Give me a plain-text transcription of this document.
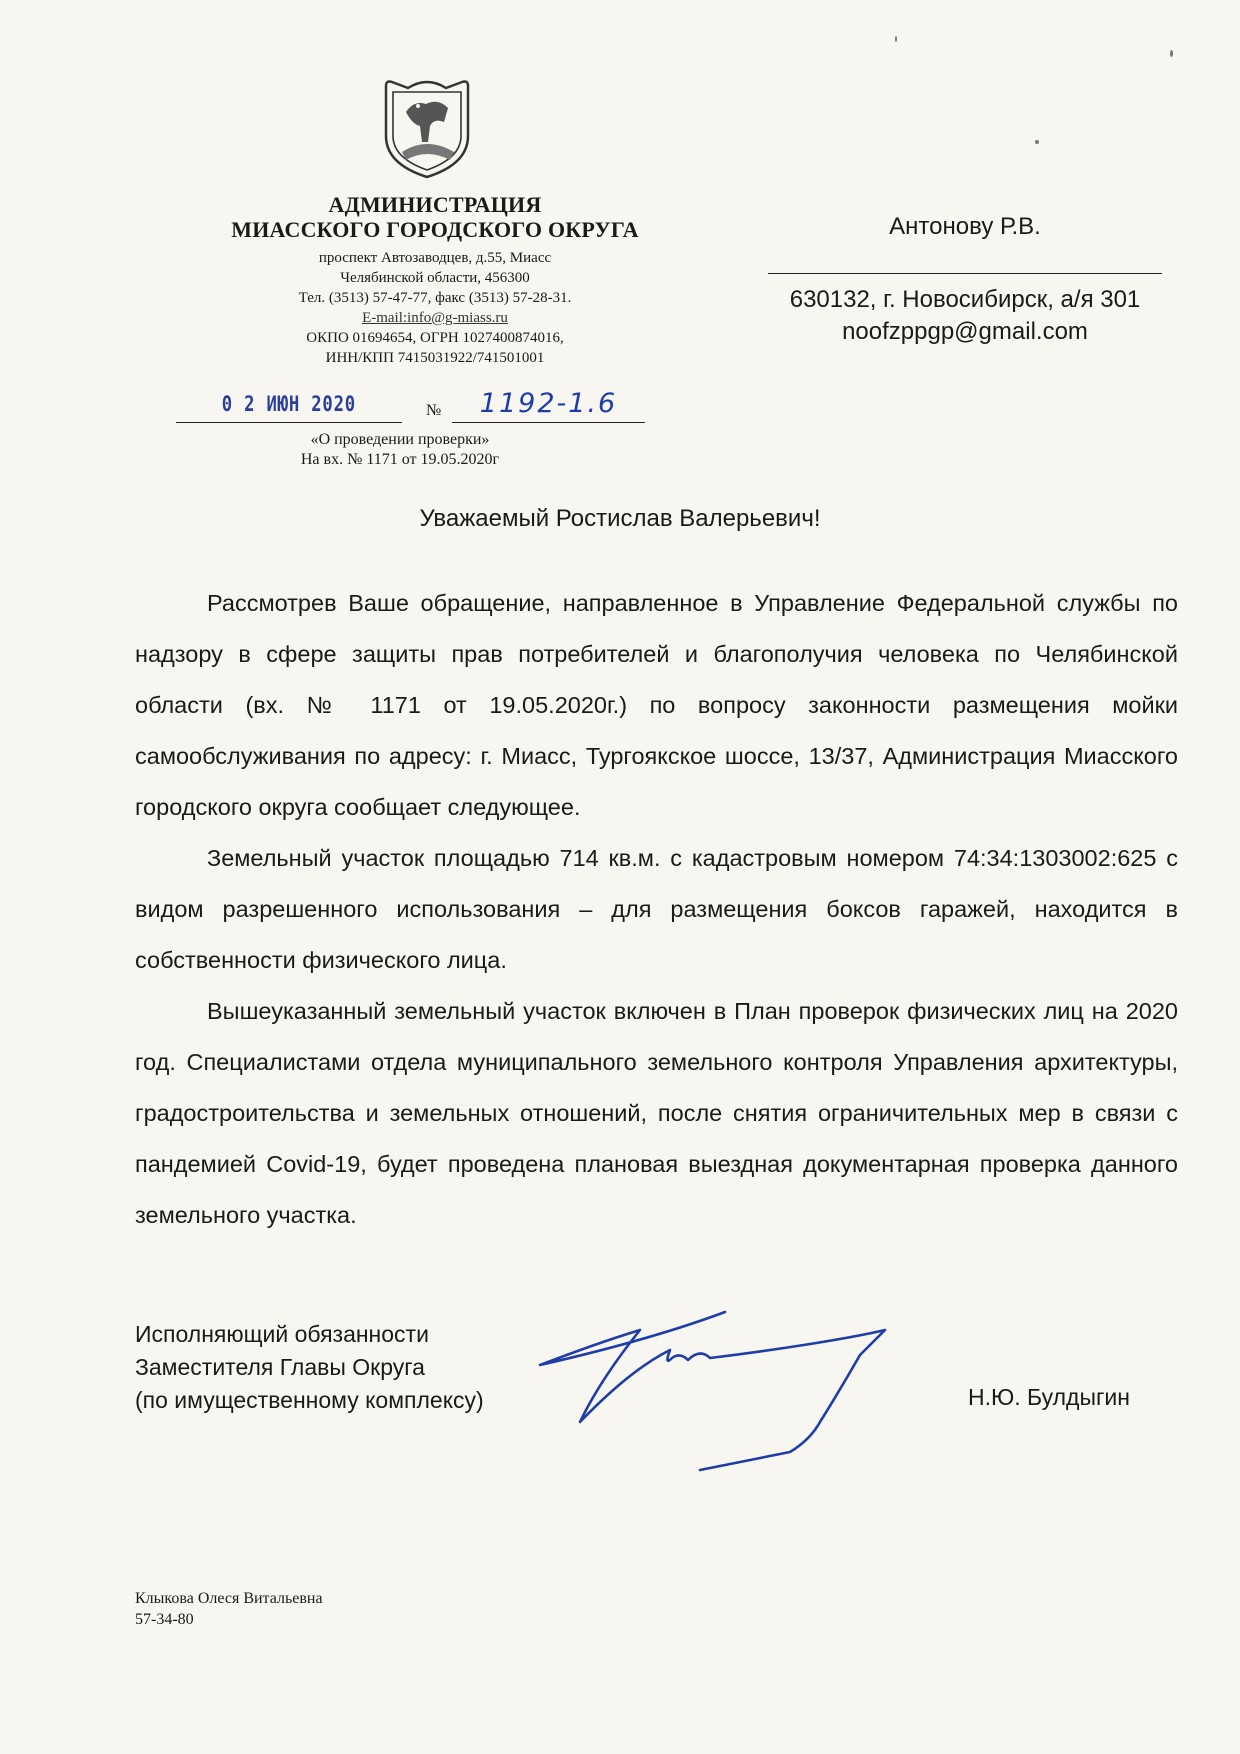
АДМИНИСТРАЦИЯ
МИАССКОГО ГОРОДСКОГО ОКРУГА
проспект Автозаводцев, д.55, Миасс
Челябинской области, 456300
Тел. (3513) 57-47-77, факс (3513) 57-28-31.
E-mail:info@g-miass.ru
ОКПО 01694654, ОГРН 1027400874016,
ИНН/КПП 7415031922/741501001
0 2 ИЮН 2020	№	1192-1.6
«О проведении проверки»
На вх. № 1171 от 19.05.2020г
Антонову Р.В.
630132, г. Новосибирск, а/я 301
noofzppgp@gmail.com
Уважаемый Ростислав Валерьевич!

Рассмотрев Ваше обращение, направленное в Управление Федеральной службы по надзору в сфере защиты прав потребителей и благополучия человека по Челябинской области (вх. № 1171 от 19.05.2020г.) по вопросу законности размещения мойки самообслуживания по адресу: г. Миасс, Тургоякское шоссе, 13/37, Администрация Миасского городского округа сообщает следующее.

Земельный участок площадью 714 кв.м. с кадастровым номером 74:34:1303002:625 с видом разрешенного использования – для размещения боксов гаражей, находится в собственности физического лица.

Вышеуказанный земельный участок включен в План проверок физических лиц на 2020 год. Специалистами отдела муниципального земельного контроля Управления архитектуры, градостроительства и земельных отношений, после снятия ограничительных мер в связи с пандемией Covid-19, будет проведена плановая выездная документарная проверка данного земельного участка.

Исполняющий обязанности
Заместителя Главы Округа
(по имущественному комплексу)	Н.Ю. Булдыгин
Клыкова Олеся Витальевна
57-34-80
